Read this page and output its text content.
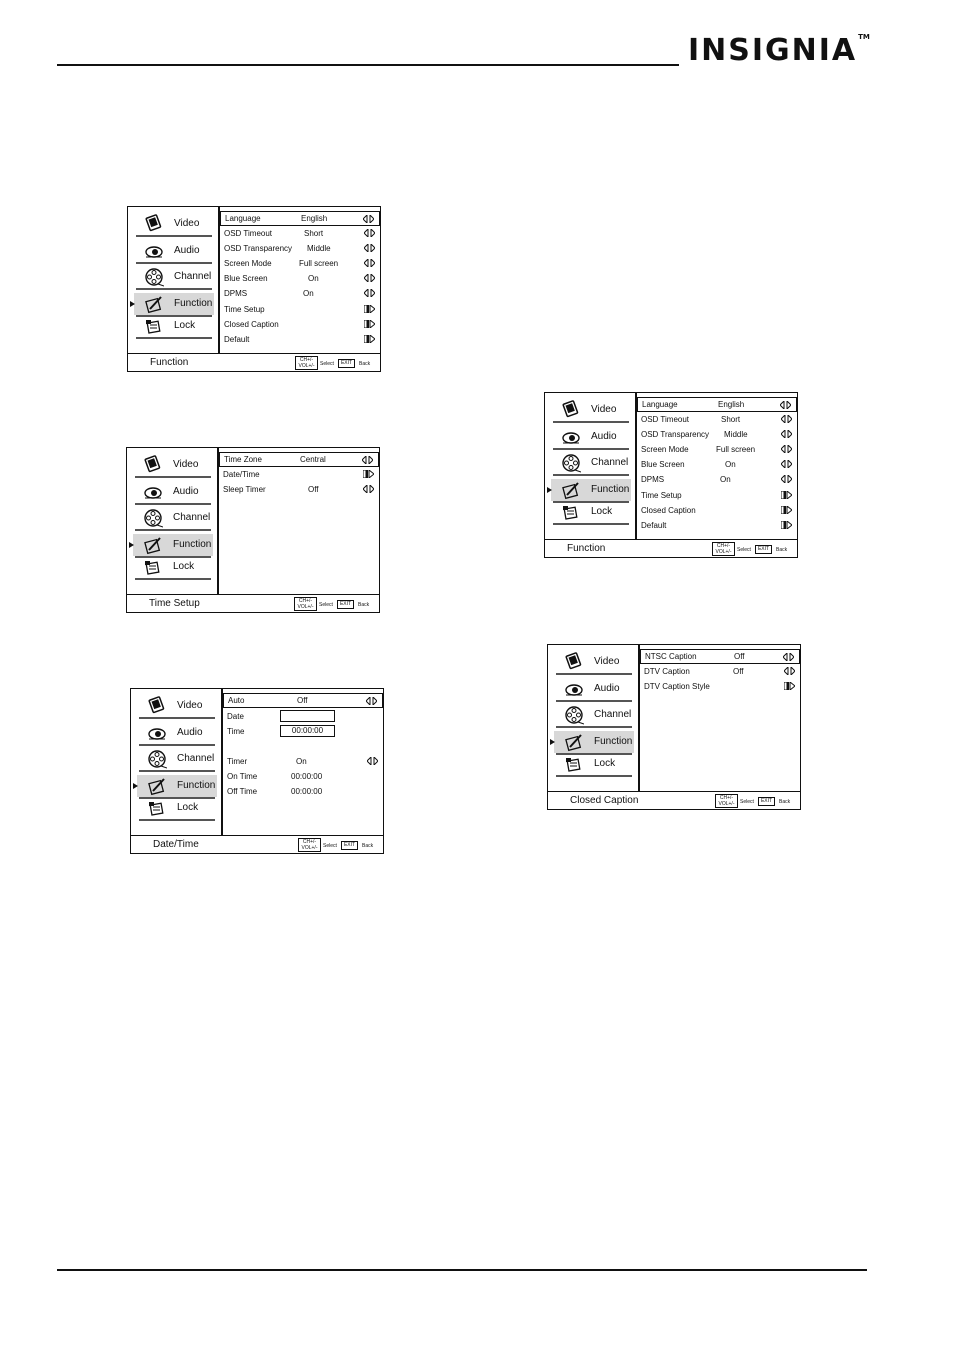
INSIGNIA™
Video
Audio
Channel
Function
Lock
Language	English
OSD Timeout	Short
OSD Transparency Middle
Screen Mode	Full screen
Blue Screen	On
DPMS	On
Time Setup
Closed Caption
Default
Function	CH+/- VOL+/-	Select	EXIT	Back
Video
Audio
Channel
Function
Lock
Time Zone	Central
Date/Time
Sleep Timer	Off
Time Setup	CH+/- VOL+/-	Select	EXIT	Back
Video
Audio
Channel
Function
Lock
Auto	Off
Date
Time	00:00:00
Timer	On
On Time	00:00:00
Off Time	00:00:00
Date/Time	CH+/- VOL+/-	Select	EXIT	Back
Video
Audio
Channel
Function
Lock
Language	English
OSD Timeout	Short
OSD Transparency Middle
Screen Mode	Full screen
Blue Screen	On
DPMS	On
Time Setup
Closed Caption
Default
Function	CH+/- VOL+/-	Select	EXIT	Back
Video
Audio
Channel
Function
Lock
NTSC Caption	Off
DTV Caption	Off
DTV Caption Style
Closed Caption	CH+/- VOL+/-	Select	EXIT	Back
